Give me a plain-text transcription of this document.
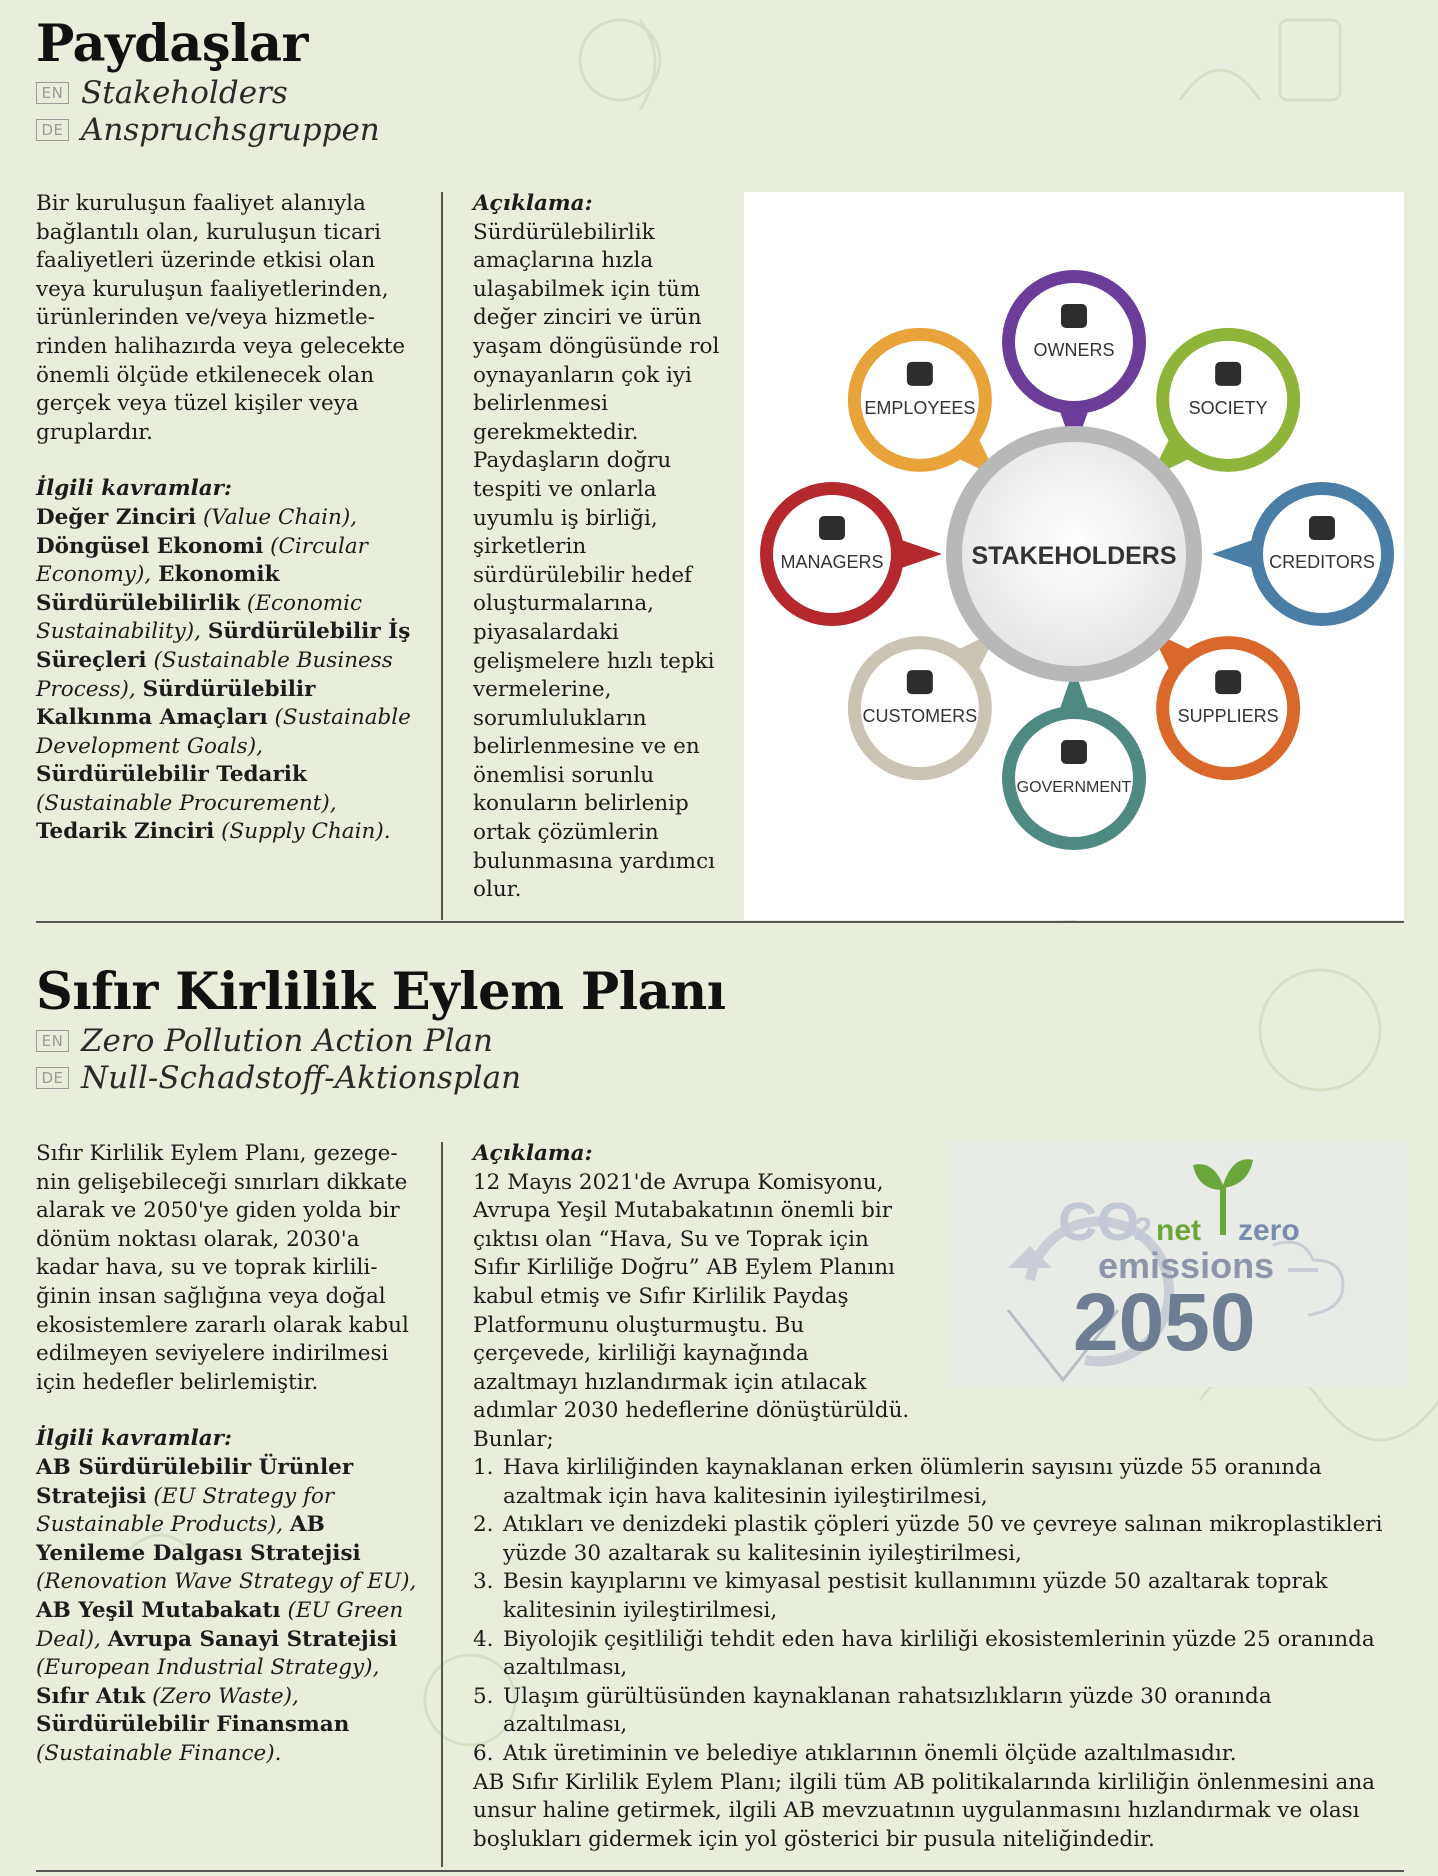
Paydaşlar
EN Stakeholders
DE Anspruchsgruppen

Bir kuruluşun faaliyet alanıyla bağlantılı olan, kuruluşun ticari faaliyetleri üzerinde etkisi olan veya kuruluşun faaliyetlerinden, ürünlerinden ve/veya hizmetle-rinden halihazırda veya gelecekte önemli ölçüde etkilenecek olan gerçek veya tüzel kişiler veya gruplardır.

İlgili kavramlar:

Değer Zinciri (Value Chain), Döngüsel Ekonomi (Circular Economy), Ekonomik Sürdürülebilirlik (Economic Sustainability), Sürdürülebilir İş Süreçleri (Sustainable Business Process), Sürdürülebilir Kalkınma Amaçları (Sustainable Development Goals), Sürdürülebilir Tedarik (Sustainable Procurement), Tedarik Zinciri (Supply Chain).

Açıklama:

Sürdürülebilirlik amaçlarına hızla ulaşabilmek için tüm değer zinciri ve ürün yaşam döngüsünde rol oynayanların çok iyi belirlenmesi gerekmektedir. Paydaşların doğru tespiti ve onlarla uyumlu iş birliği, şirketlerin sürdürülebilir hedef oluşturmalarına, piyasalardaki gelişmelere hızlı tepki vermelerine, sorumlulukların belirlenmesine ve en önemlisi sorunlu konuların belirlenip ortak çözümlerin bulunmasına yardımcı olur.

OWNERS
SOCIETY
CREDITORS
SUPPLIERS
GOVERNMENT
CUSTOMERS
MANAGERS
EMPLOYEES
STAKEHOLDERS
Sıfır Kirlilik Eylem Planı
EN Zero Pollution Action Plan
DE Null-Schadstoff-Aktionsplan

Sıfır Kirlilik Eylem Planı, gezege-nin gelişebileceği sınırları dikkate alarak ve 2050'ye giden yolda bir dönüm noktası olarak, 2030'a kadar hava, su ve toprak kirlili-ğinin insan sağlığına veya doğal ekosistemlere zararlı olarak kabul edilmeyen seviyelere indirilmesi için hedefler belirlemiştir.

İlgili kavramlar:

AB Sürdürülebilir Ürünler Stratejisi (EU Strategy for Sustainable Products), AB Yenileme Dalgası Stratejisi (Renovation Wave Strategy of EU), AB Yeşil Mutabakatı (EU Green Deal), Avrupa Sanayi Stratejisi (European Industrial Strategy), Sıfır Atık (Zero Waste), Sürdürülebilir Finansman (Sustainable Finance).

Açıklama:

12 Mayıs 2021'de Avrupa Komisyonu, Avrupa Yeşil Mutabakatının önemli bir çıktısı olan “Hava, Su ve Toprak için Sıfır Kirliliğe Doğru” AB Eylem Planını kabul etmiş ve Sıfır Kirlilik Paydaş Platformunu oluşturmuştu. Bu çerçevede, kirliliği kaynağında azaltmayı hızlandırmak için atılacak adımlar 2030 hedeflerine dönüştürüldü. Bunlar;

1. Hava kirliliğinden kaynaklanan erken ölümlerin sayısını yüzde 55 oranında azaltmak için hava kalitesinin iyileştirilmesi,
2. Atıkları ve denizdeki plastik çöpleri yüzde 50 ve çevreye salınan mikroplastikleri yüzde 30 azaltarak su kalitesinin iyileştirilmesi,
3. Besin kayıplarını ve kimyasal pestisit kullanımını yüzde 50 azaltarak toprak kalitesinin iyileştirilmesi,
4. Biyolojik çeşitliliği tehdit eden hava kirliliği ekosistemlerinin yüzde 25 oranında azaltılması,
5. Ulaşım gürültüsünden kaynaklanan rahatsızlıkların yüzde 30 oranında azaltılması,
6. Atık üretiminin ve belediye atıklarının önemli ölçüde azaltılmasıdır.

AB Sıfır Kirlilik Eylem Planı; ilgili tüm AB politikalarında kirliliğin önlenmesini ana unsur haline getirmek, ilgili AB mevzuatının uygulanmasını hızlandırmak ve olası boşlukları gidermek için yol gösterici bir pusula niteliğindedir.

CO
2 net zero
emissions
2050
